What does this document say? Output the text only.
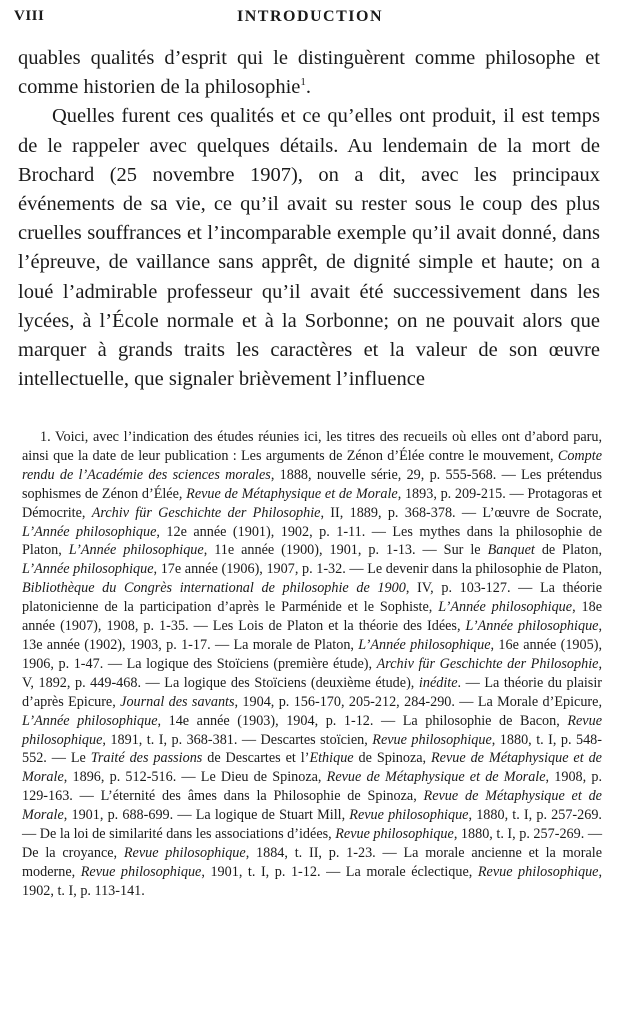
VIII	INTRODUCTION

quables qualités d’esprit qui le distinguèrent comme philosophe et comme historien de la philosophie$^1$.

Quelles furent ces qualités et ce qu’elles ont produit, il est temps de le rappeler avec quelques détails. Au lendemain de la mort de Brochard (25 novembre 1907), on a dit, avec les principaux événements de sa vie, ce qu’il avait su rester sous le coup des plus cruelles souffrances et l’incomparable exemple qu’il avait donné, dans l’épreuve, de vaillance sans apprêt, de dignité simple et haute; on a loué l’admirable professeur qu’il avait été successivement dans les lycées, à l’École normale et à la Sorbonne; on ne pouvait alors que marquer à grands traits les caractères et la valeur de son œuvre intellectuelle, que signaler brièvement l’influence

1. Voici, avec l’indication des études réunies ici, les titres des recueils où elles ont d’abord paru, ainsi que la date de leur publication : Les arguments de Zénon d’Élée contre le mouvement, Compte rendu de l’Académie des sciences morales, 1888, nouvelle série, 29, p. 555-568. — Les prétendus sophismes de Zénon d’Élée, Revue de Métaphysique et de Morale, 1893, p. 209-215. — Protagoras et Démocrite, Archiv für Geschichte der Philosophie, II, 1889, p. 368-378. — L’œuvre de Socrate, L’Année philosophique, 12e année (1901), 1902, p. 1-11. — Les mythes dans la philosophie de Platon, L’Année philosophique, 11e année (1900), 1901, p. 1-13. — Sur le Banquet de Platon, L’Année philosophique, 17e année (1906), 1907, p. 1-32. — Le devenir dans la philosophie de Platon, Bibliothèque du Congrès international de philosophie de 1900, IV, p. 103-127. — La théorie platonicienne de la participation d’après le Parménide et le Sophiste, L’Année philosophique, 18e année (1907), 1908, p. 1-35. — Les Lois de Platon et la théorie des Idées, L’Année philosophique, 13e année (1902), 1903, p. 1-17. — La morale de Platon, L’Année philosophique, 16e année (1905), 1906, p. 1-47. — La logique des Stoïciens (première étude), Archiv für Geschichte der Philosophie, V, 1892, p. 449-468. — La logique des Stoïciens (deuxième étude), inédite. — La théorie du plaisir d’après Epicure, Journal des savants, 1904, p. 156-170, 205-212, 284-290. — La Morale d’Epicure, L’Année philosophique, 14e année (1903), 1904, p. 1-12. — La philosophie de Bacon, Revue philosophique, 1891, t. I, p. 368-381. — Descartes stoïcien, Revue philosophique, 1880, t. I, p. 548-552. — Le Traité des passions de Descartes et l’Ethique de Spinoza, Revue de Métaphysique et de Morale, 1896, p. 512-516. — Le Dieu de Spinoza, Revue de Métaphysique et de Morale, 1908, p. 129-163. — L’éternité des âmes dans la Philosophie de Spinoza, Revue de Métaphysique et de Morale, 1901, p. 688-699. — La logique de Stuart Mill, Revue philosophique, 1880, t. I, p. 257-269. — De la loi de similarité dans les associations d’idées, Revue philosophique, 1880, t. I, p. 257-269. — De la croyance, Revue philosophique, 1884, t. II, p. 1-23. — La morale ancienne et la morale moderne, Revue philosophique, 1901, t. I, p. 1-12. — La morale éclectique, Revue philosophique, 1902, t. I, p. 113-141.
